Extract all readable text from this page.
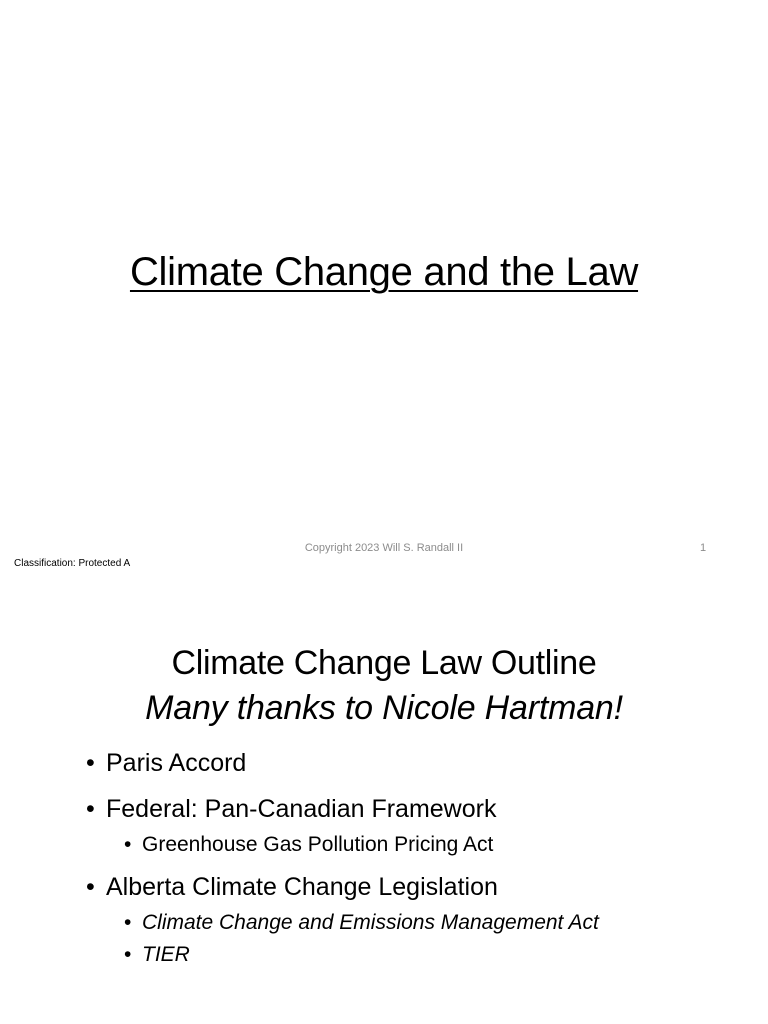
Climate Change and the Law
Copyright 2023 Will S. Randall II	1
Classification: Protected A
Climate Change Law Outline
Many thanks to Nicole Hartman!
• Paris Accord
• Federal: Pan-Canadian Framework
• Greenhouse Gas Pollution Pricing Act
• Alberta Climate Change Legislation
• Climate Change and Emissions Management Act
• TIER
